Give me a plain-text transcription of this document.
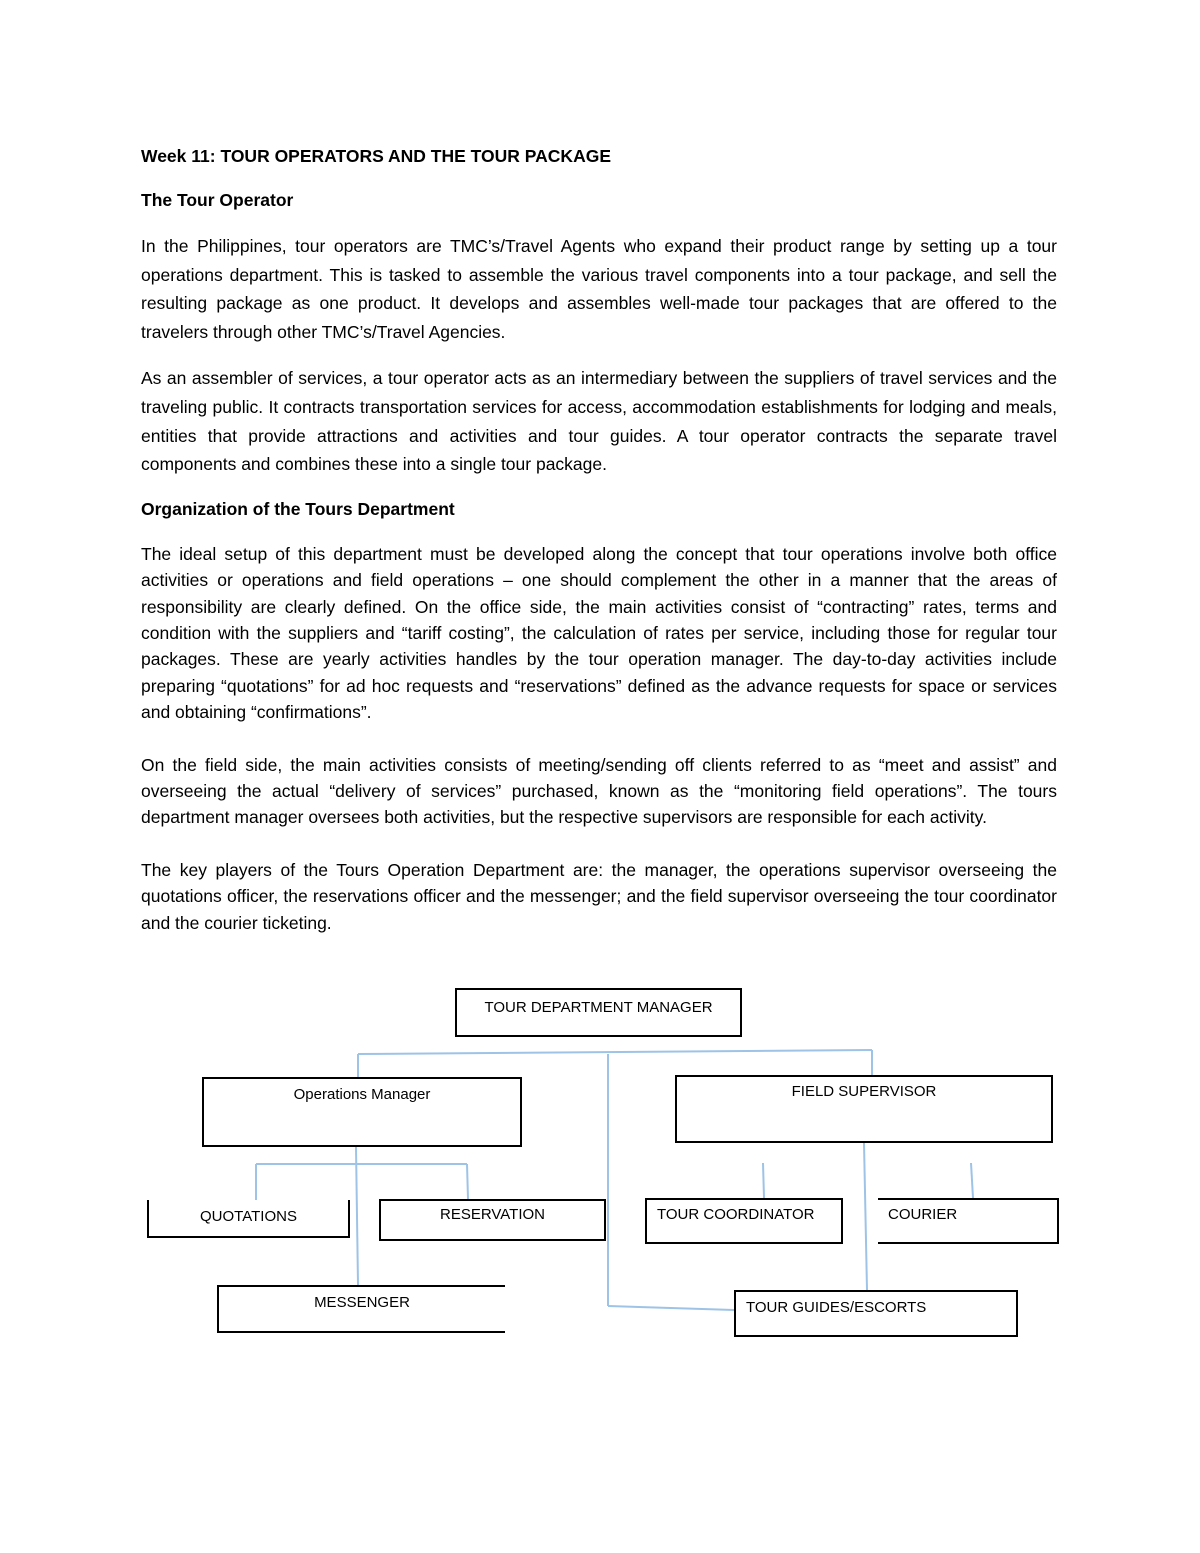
Week 11: TOUR OPERATORS AND THE TOUR PACKAGE
The Tour Operator

In the Philippines, tour operators are TMC’s/Travel Agents who expand their product range by setting up a tour operations department. This is tasked to assemble the various travel components into a tour package, and sell the resulting package as one product. It develops and assembles well-made tour packages that are offered to the travelers through other TMC’s/Travel Agencies.

As an assembler of services, a tour operator acts as an intermediary between the suppliers of travel services and the traveling public. It contracts transportation services for access, accommodation establishments for lodging and meals, entities that provide attractions and activities and tour guides. A tour operator contracts the separate travel components and combines these into a single tour package.

Organization of the Tours Department

The ideal setup of this department must be developed along the concept that tour operations involve both office activities or operations and field operations – one should complement the other in a manner that the areas of responsibility are clearly defined. On the office side, the main activities consist of “contracting” rates, terms and condition with the suppliers and “tariff costing”, the calculation of rates per service, including those for regular tour packages. These are yearly activities handles by the tour operation manager. The day-to-day activities include preparing “quotations” for ad hoc requests and “reservations” defined as the advance requests for space or services and obtaining “confirmations”.

On the field side, the main activities consists of meeting/sending off clients referred to as “meet and assist” and overseeing the actual “delivery of services” purchased, known as the “monitoring field operations”. The tours department manager oversees both activities, but the respective supervisors are responsible for each activity.

The key players of the Tours Operation Department are: the manager, the operations supervisor overseeing the quotations officer, the reservations officer and the messenger; and the field supervisor overseeing the tour coordinator and the courier ticketing.

TOUR DEPARTMENT MANAGER
Operations Manager	FIELD SUPERVISOR
QUOTATIONS	RESERVATION	TOUR COORDINATOR	COURIER
MESSENGER	TOUR GUIDES/ESCORTS
